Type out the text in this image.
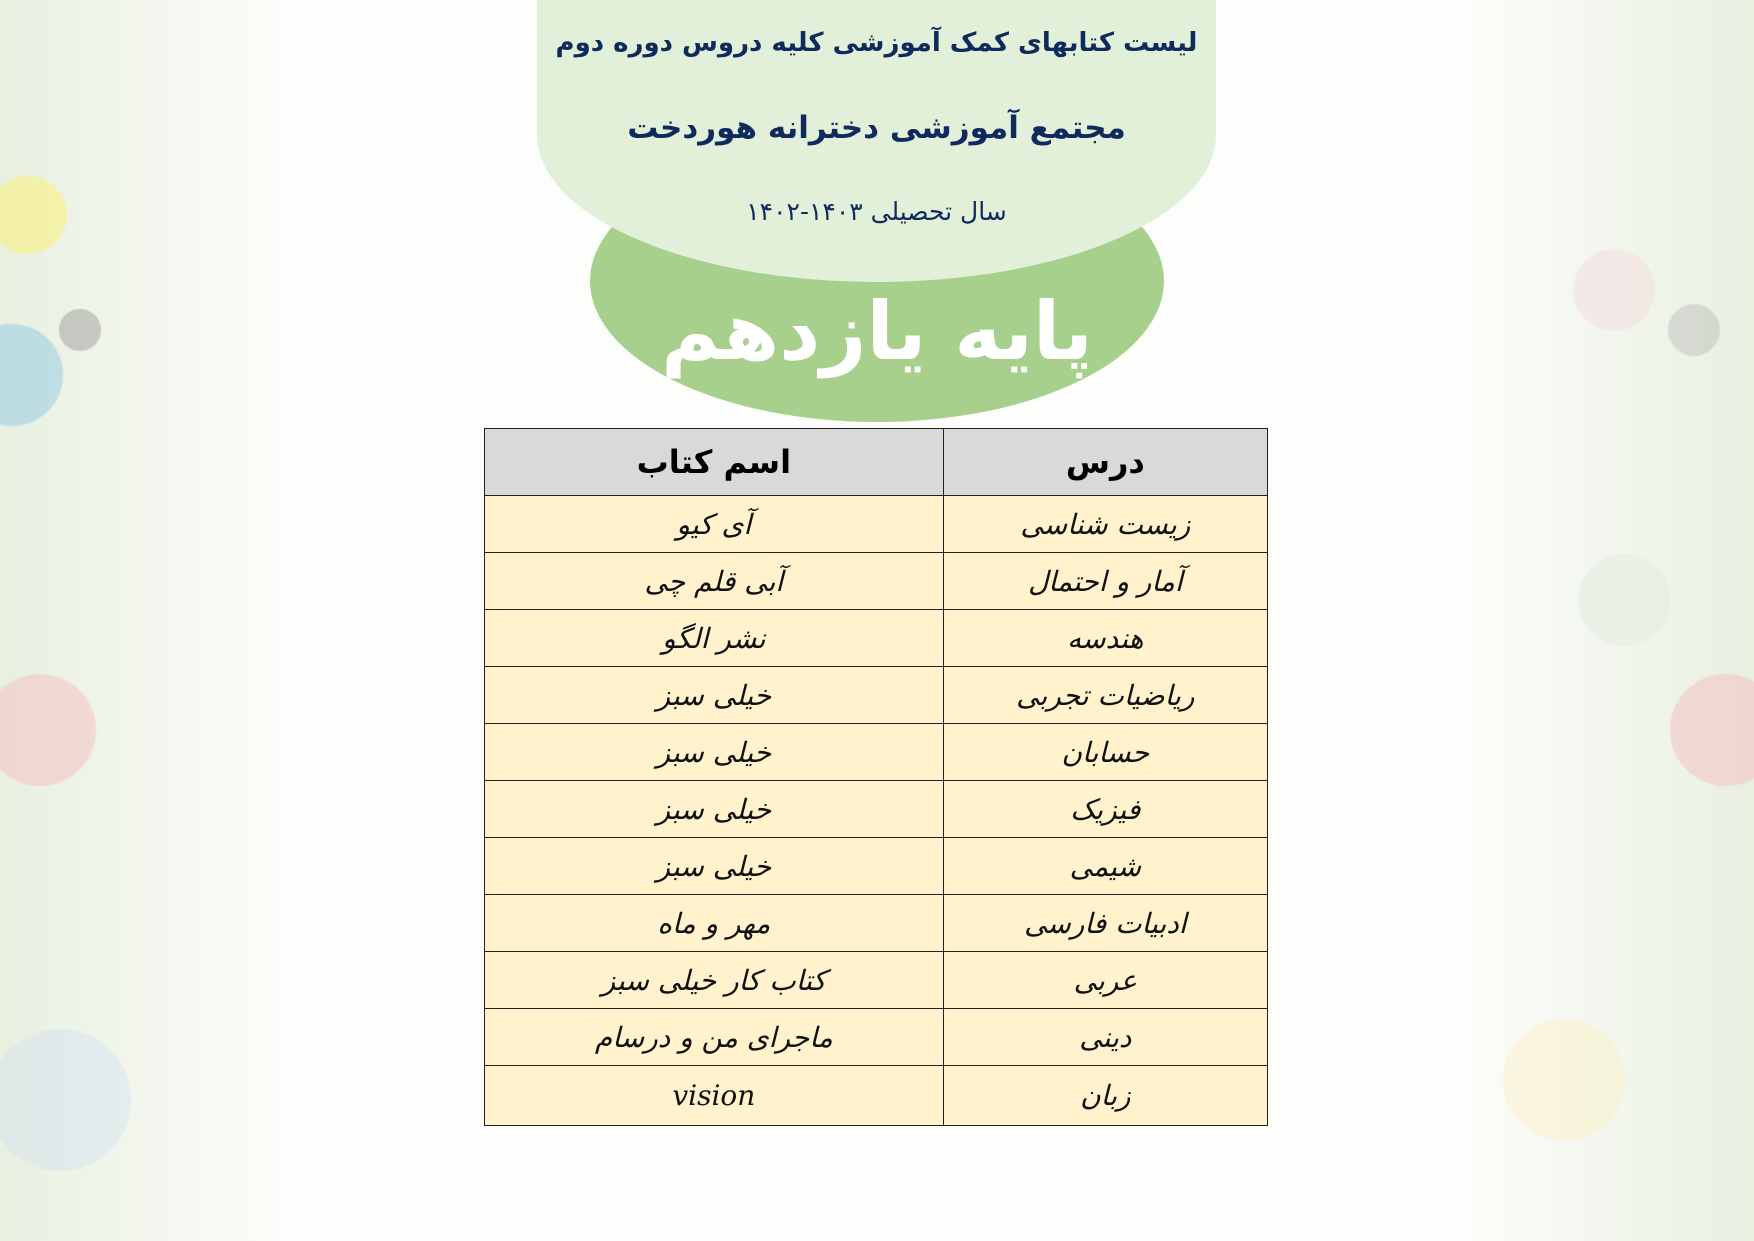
لیست کتابهای کمک آموزشی کلیه دروس دوره دوم
مجتمع آموزشی دخترانه هوردخت
سال تحصیلی ۱۴۰۳-۱۴۰۲
پایه یازدهم
درس	اسم کتاب
زیست شناسی	آی کیو
آمار و احتمال	آبی قلم چی
هندسه	نشر الگو
ریاضیات تجربی	خیلی سبز
حسابان	خیلی سبز
فیزیک	خیلی سبز
شیمی	خیلی سبز
ادبیات فارسی	مهر و ماه
عربی	کتاب کار خیلی سبز
دینی	ماجرای من و درسام
زبان	vision
